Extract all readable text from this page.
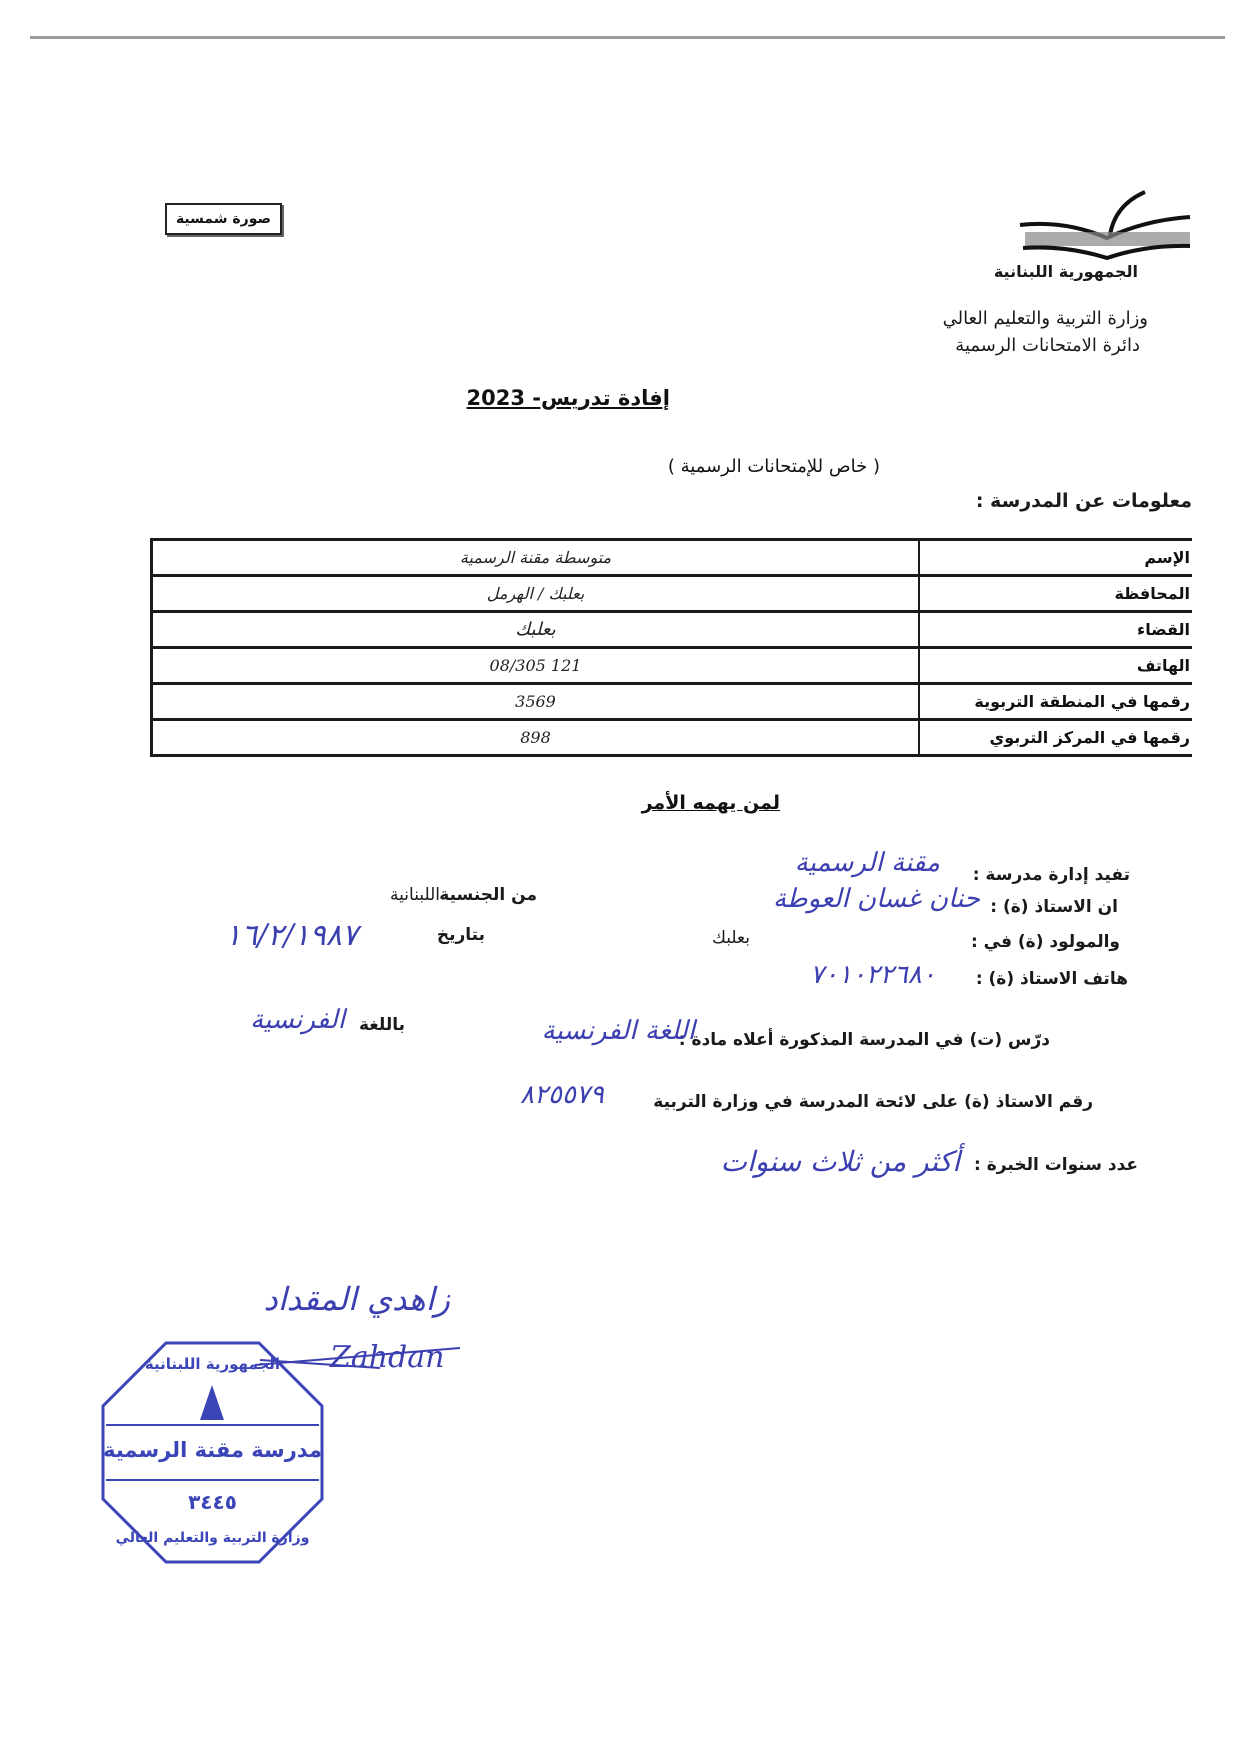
صورة شمسية
الجمهورية اللبنانية
وزارة التربية والتعليم العالي
دائرة الامتحانات الرسمية
إفادة تدريس- 2023
( خاص للإمتحانات الرسمية )
معلومات عن المدرسة :
متوسطة مقنة الرسمية	الإسم
بعلبك / الهرمل	المحافظة
بعلبك	القضاء
08/305 121	الهاتف
3569	رقمها في المنطقة التربوية
898	رقمها في المركز التربوي
لمن يهمه الأمر
تفيد إدارة مدرسة :
مقنة الرسمية
ان الاستاذ (ة) :
حنان غسان العوطة
من الجنسية
اللبنانية
والمولود (ة) في :
بعلبك
بتاريخ
١٦/٢/١٩٨٧
هاتف الاستاذ (ة) :
٧٠١٠٢٢٦٨٠
درّس (ت) في المدرسة المذكورة أعلاه مادة :
اللغة الفرنسية
باللغة
الفرنسية
رقم الاستاذ (ة) على لائحة المدرسة في وزارة التربية
٨٢٥٥٧٩
عدد سنوات الخبرة :
أكثر من ثلاث سنوات
زاهدي المقداد
Zahdan
الجمهورية اللبنانية
مدرسة مقنة الرسمية
٣٤٤٥
وزارة التربية والتعليم العالي
